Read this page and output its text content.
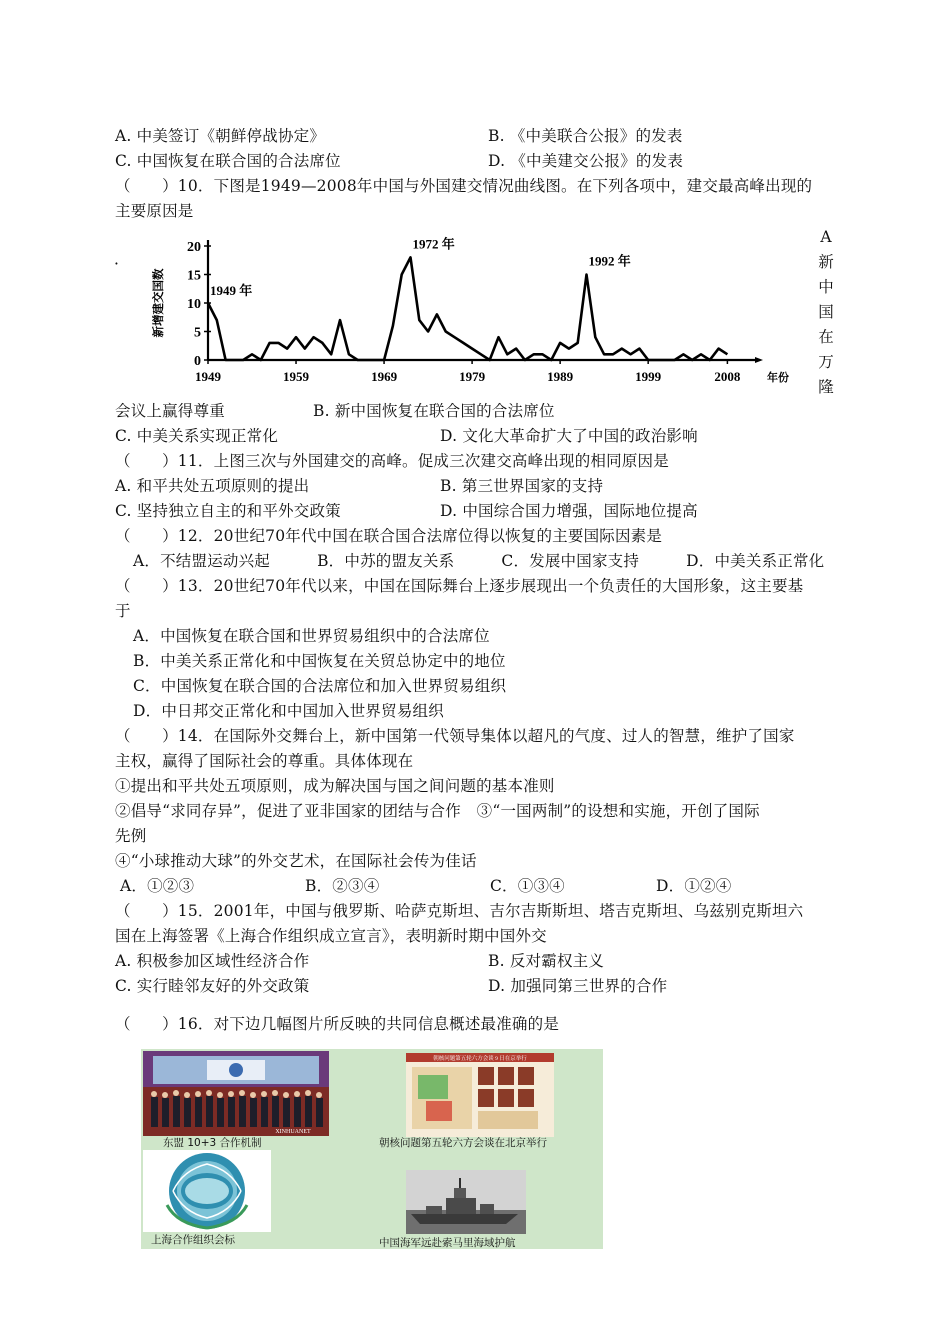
A. 中美签订《朝鲜停战协定》	B. 《中美联合公报》的发表
C. 中国恢复在联合国的合法席位	D. 《中美建交公报》的发表
（　　）10．下图是1949—2008年中国与外国建交情况曲线图。在下列各项中，建交最高峰出现的
主要原因是
·
0
5
10
15
20
1949	1959	1969	1979	1989	1999	2008 年份
新增建交国数	1949 年
1972 年
1992 年
A
新
中
国
在
万
隆
会议上赢得尊重	B. 新中国恢复在联合国的合法席位
C. 中美关系实现正常化	D. 文化大革命扩大了中国的政治影响
（　　）11．上图三次与外国建交的高峰。促成三次建交高峰出现的相同原因是
A. 和平共处五项原则的提出	B. 第三世界国家的支持
C. 坚持独立自主的和平外交政策	D. 中国综合国力增强，国际地位提高
（　　）12．20世纪70年代中国在联合国合法席位得以恢复的主要国际因素是
A．不结盟运动兴起　　　B．中苏的盟友关系　　　C．发展中国家支持　　　D．中美关系正常化
（　　）13．20世纪70年代以来，中国在国际舞台上逐步展现出一个负责任的大国形象，这主要基
于
A．中国恢复在联合国和世界贸易组织中的合法席位
B．中美关系正常化和中国恢复在关贸总协定中的地位
C．中国恢复在联合国的合法席位和加入世界贸易组织
D．中日邦交正常化和中国加入世界贸易组织
（　　）14．在国际外交舞台上，新中国第一代领导集体以超凡的气度、过人的智慧，维护了国家
主权，赢得了国际社会的尊重。具体体现在
①提出和平共处五项原则，成为解决国与国之间问题的基本准则
②倡导“求同存异”，促进了亚非国家的团结与合作　③“一国两制”的设想和实施，开创了国际
先例
④“小球推动大球”的外交艺术，在国际社会传为佳话
A．①②③	B．②③④	C．①③④	D．①②④
（　　）15．2001年，中国与俄罗斯、哈萨克斯坦、吉尔吉斯斯坦、塔吉克斯坦、乌兹别克斯坦六
国在上海签署《上海合作组织成立宣言》，表明新时期中国外交
A. 积极参加区域性经济合作	B. 反对霸权主义
C. 实行睦邻友好的外交政策	D. 加强同第三世界的合作
（　　）16．对下边几幅图片所反映的共同信息概述最准确的是
XINHUANET
东盟 10+3 合作机制
朝核问题第五轮六方会谈 9 日在京举行
朝核问题第五轮六方会谈在北京举行
上海合作组织会标	中国海军远赴索马里海域护航
